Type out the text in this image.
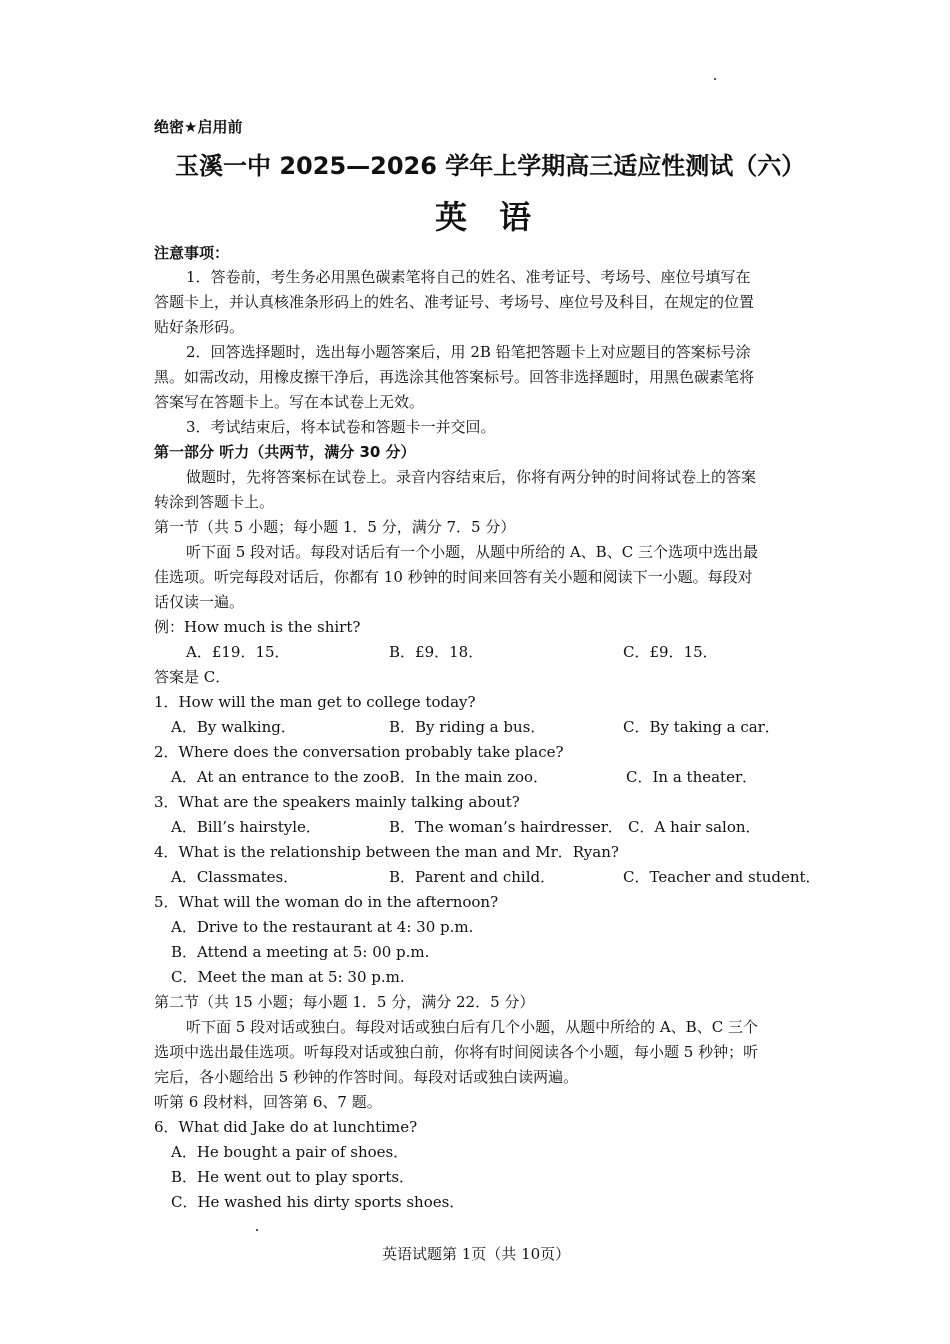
绝密★启用前
玉溪一中 2025—2026 学年上学期高三适应性测试（六）
英　语
注意事项：
1．答卷前，考生务必用黑色碳素笔将自己的姓名、准考证号、考场号、座位号填写在
答题卡上，并认真核准条形码上的姓名、准考证号、考场号、座位号及科目，在规定的位置
贴好条形码。
2．回答选择题时，选出每小题答案后，用 2B 铅笔把答题卡上对应题目的答案标号涂
黑。如需改动，用橡皮擦干净后，再选涂其他答案标号。回答非选择题时，用黑色碳素笔将
答案写在答题卡上。写在本试卷上无效。
3．考试结束后，将本试卷和答题卡一并交回。
第一部分 听力（共两节，满分 30 分）
做题时，先将答案标在试卷上。录音内容结束后，你将有两分钟的时间将试卷上的答案
转涂到答题卡上。
第一节（共 5 小题；每小题 1．5 分，满分 7．5 分）
听下面 5 段对话。每段对话后有一个小题，从题中所给的 A、B、C 三个选项中选出最
佳选项。听完每段对话后，你都有 10 秒钟的时间来回答有关小题和阅读下一小题。每段对
话仅读一遍。
例：How much is the shirt?
A．£19．15．	B．£9．18．	C．£9．15．
答案是 C．
1．How will the man get to college today?
A．By walking．	B．By riding a bus．	C．By taking a car．
2．Where does the conversation probably take place?
A．At an entrance to the zoo．
B．In the main zoo．	C．In a theater．
3．What are the speakers mainly talking about?
A．Bill’s hairstyle．	B．The woman’s hairdresser． C．A hair salon．
4．What is the relationship between the man and Mr．Ryan?
A．Classmates．	B．Parent and child．	C．Teacher and student．
5．What will the woman do in the afternoon?
A．Drive to the restaurant at 4: 30 p.m.
B．Attend a meeting at 5: 00 p.m.
C．Meet the man at 5: 30 p.m.
第二节（共 15 小题；每小题 1．5 分，满分 22．5 分）
听下面 5 段对话或独白。每段对话或独白后有几个小题，从题中所给的 A、B、C 三个
选项中选出最佳选项。听每段对话或独白前，你将有时间阅读各个小题，每小题 5 秒钟；听
完后，各小题给出 5 秒钟的作答时间。每段对话或独白读两遍。
听第 6 段材料，回答第 6、7 题。
6．What did Jake do at lunchtime?
A．He bought a pair of shoes．
B．He went out to play sports．
C．He washed his dirty sports shoes．
英语试题第 1页（共 10页）
